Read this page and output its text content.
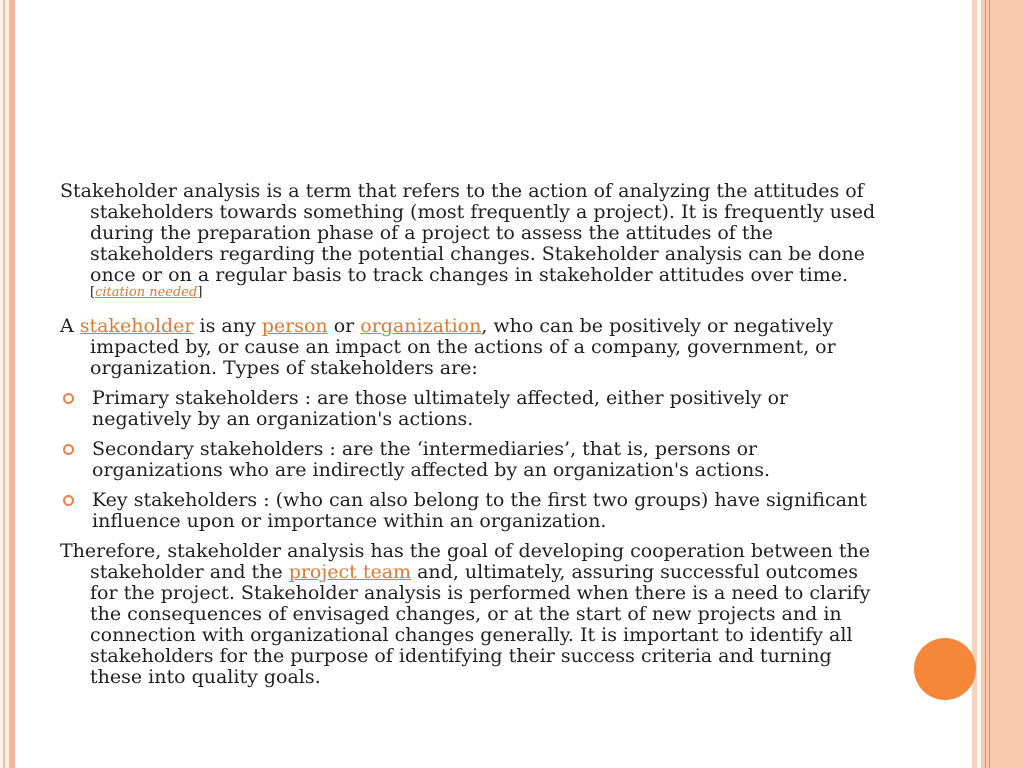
Stakeholder analysis is a term that refers to the action of analyzing the attitudes of stakeholders towards something (most frequently a project). It is frequently used during the preparation phase of a project to assess the attitudes of the stakeholders regarding the potential changes. Stakeholder analysis can be done once or on a regular basis to track changes in stakeholder attitudes over time.[citation needed]

A stakeholder is any person or organization, who can be positively or negatively impacted by, or cause an impact on the actions of a company, government, or organization. Types of stakeholders are:

Primary stakeholders : are those ultimately affected, either positively or negatively by an organization's actions.
Secondary stakeholders : are the ‘intermediaries’, that is, persons or organizations who are indirectly affected by an organization's actions.
Key stakeholders : (who can also belong to the first two groups) have significant influence upon or importance within an organization.

Therefore, stakeholder analysis has the goal of developing cooperation between the stakeholder and the project team and, ultimately, assuring successful outcomes for the project. Stakeholder analysis is performed when there is a need to clarify the consequences of envisaged changes, or at the start of new projects and in connection with organizational changes generally. It is important to identify all stakeholders for the purpose of identifying their success criteria and turning these into quality goals.
